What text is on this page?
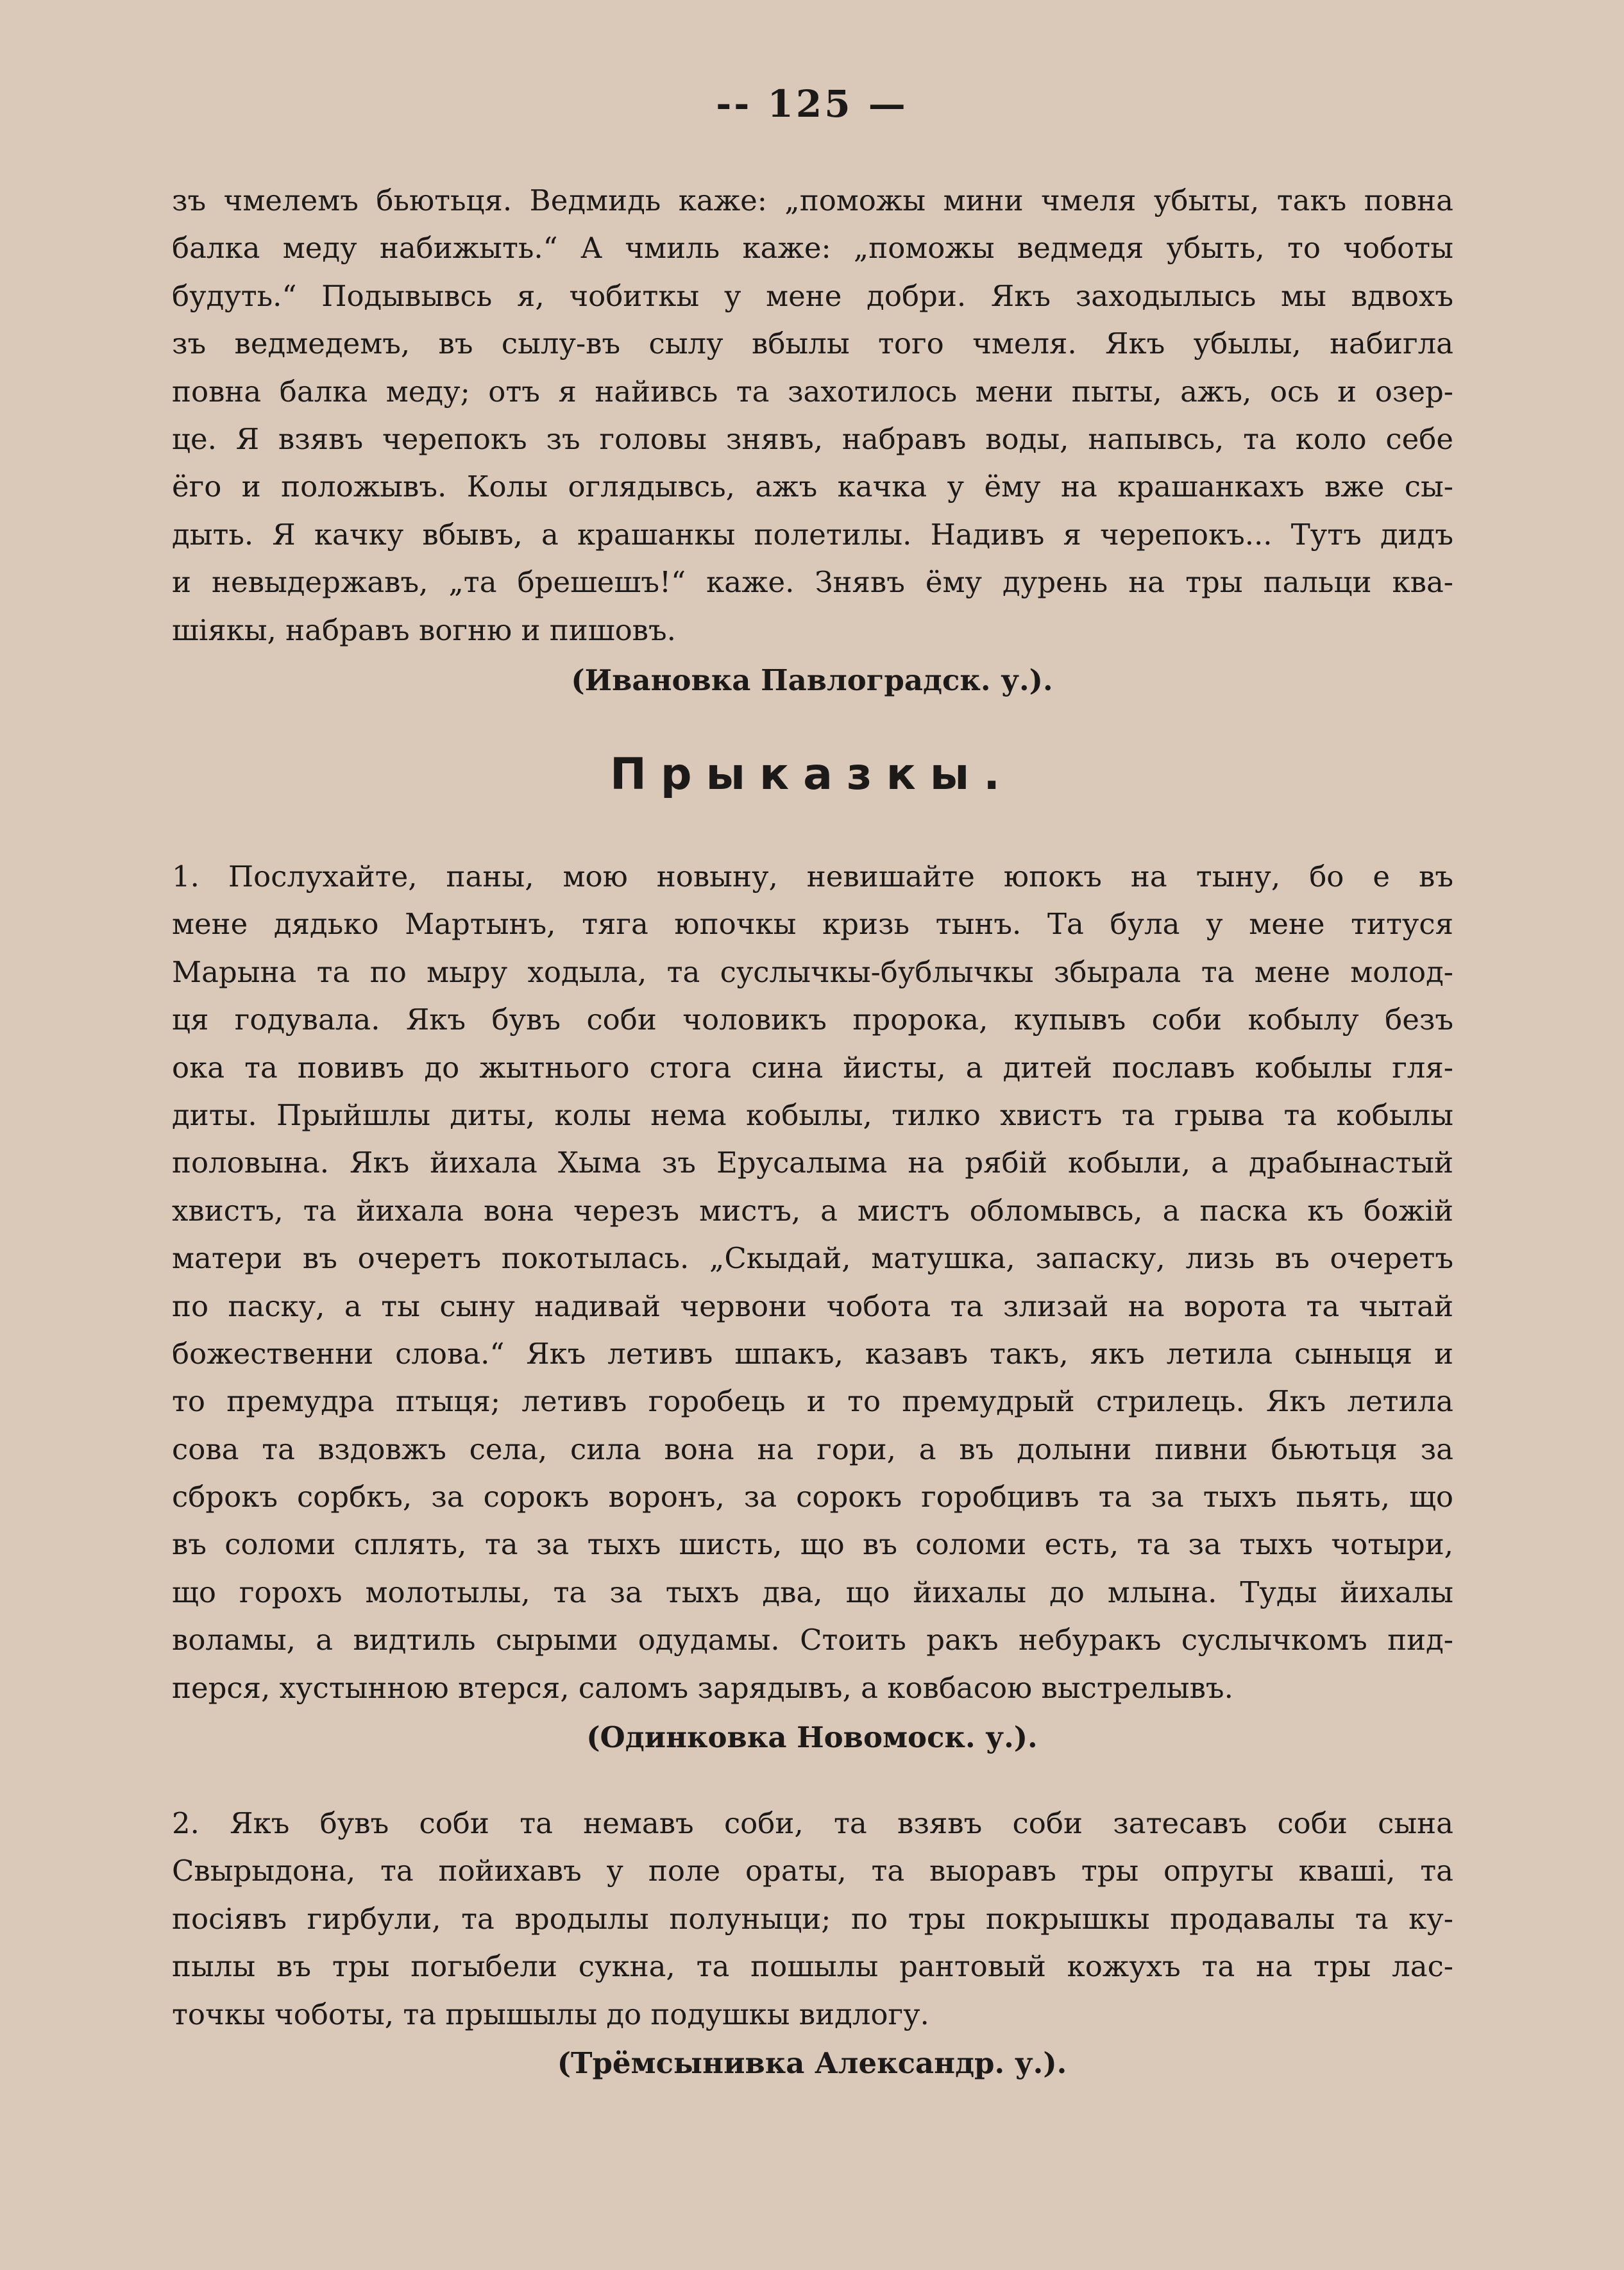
-- 125 —
зъ чмелемъ бьютьця. Ведмидь каже: „поможы мини чмеля убыты, такъ повна
балка меду набижыть.“ А чмиль каже: „поможы ведмедя убыть, то чоботы
будуть.“ Подывывсь я, чобиткы у мене добри. Якъ заходылысь мы вдвохъ
зъ ведмедемъ, въ сылу-въ сылу вбылы того чмеля. Якъ убылы, набигла
повна балка меду; отъ я найивсь та захотилось мени пыты, ажъ, ось и озер-
це. Я взявъ черепокъ зъ головы знявъ, набравъ воды, напывсь, та коло себе
ёго и положывъ. Колы оглядывсь, ажъ качка у ёму на крашанкахъ вже сы-
дыть. Я качку вбывъ, а крашанкы полетилы. Надивъ я черепокъ... Тутъ дидъ
и невыдержавъ, „та брешешъ!“ каже. Знявъ ёму дурень на тры пальци ква-
шiякы, набравъ вогню и пишовъ.
(Ивановка Павлоградск. у.).
Прыказкы.
1. Послухайте, паны, мою новыну, невишайте юпокъ на тыну, бо е въ
мене дядько Мартынъ, тяга юпочкы кризь тынъ. Та була у мене титуся
Марына та по мыру ходыла, та суслычкы-бублычкы збырала та мене молод-
ця годувала. Якъ бувъ соби чоловикъ пророка, купывъ соби кобылу безъ
ока та повивъ до жытнього стога сина йисты, а дитей пославъ кобылы гля-
диты. Прыйшлы диты, колы нема кобылы, тилко хвистъ та грыва та кобылы
половына. Якъ йихала Хыма зъ Ерусалыма на рябiй кобыли, а драбынастый
хвистъ, та йихала вона черезъ мистъ, а мистъ обломывсь, а паска къ божiй
матери въ очеретъ покотылась. „Скыдай, матушка, запаску, лизь въ очеретъ
по паску, а ты сыну надивай червони чобота та злизай на ворота та чытай
божественни слова.“ Якъ летивъ шпакъ, казавъ такъ, якъ летила сыныця и
то премудра птыця; летивъ горобець и то премудрый стрилець. Якъ летила
сова та вздовжъ села, сила вона на гори, а въ долыни пивни бьютьця за
сброкъ сорбкъ, за сорокъ воронъ, за сорокъ горобцивъ та за тыхъ пьять, що
въ соломи сплять, та за тыхъ шисть, що въ соломи есть, та за тыхъ чотыри,
що горохъ молотылы, та за тыхъ два, що йихалы до млына. Туды йихалы
воламы, а видтиль сырыми одудамы. Стоить ракъ небуракъ суслычкомъ пид-
перся, хустынною втерся, саломъ зарядывъ, а ковбасою выстрелывъ.
(Одинковка Новомоск. у.).
2. Якъ бувъ соби та немавъ соби, та взявъ соби затесавъ соби сына
Свырыдона, та пойихавъ у поле ораты, та выоравъ тры опругы квашi, та
посiявъ гирбули, та вродылы полуныци; по тры покрышкы продавалы та ку-
пылы въ тры погыбели сукна, та пошылы рантовый кожухъ та на тры лас-
точкы чоботы, та прышылы до подушкы видлогу.
(Трёмсынивка Александр. у.).
